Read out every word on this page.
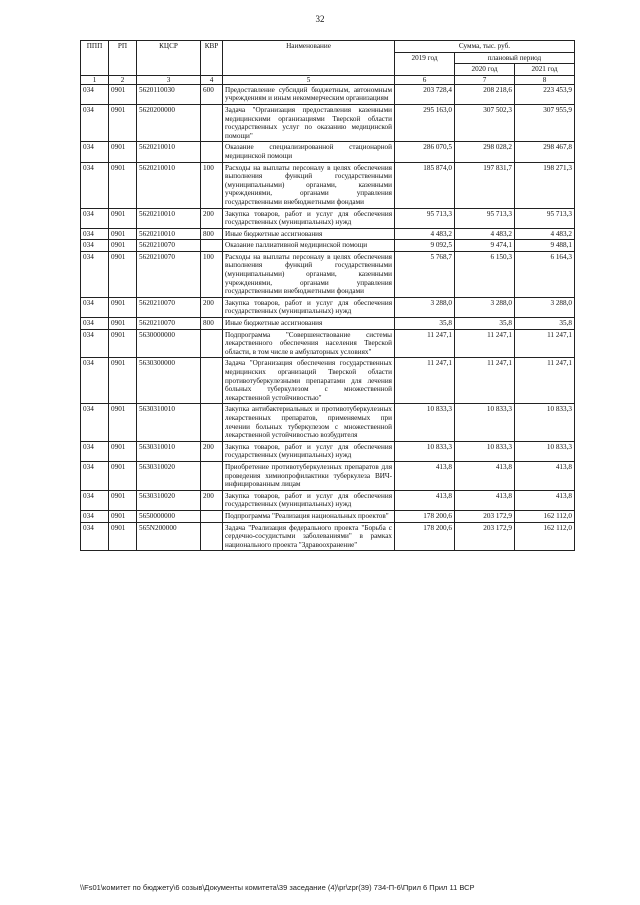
32
ППП	РП	КЦСР	КВР	Наименование	Сумма, тыс. руб.		
					2019 год	плановый период	
						2020 год	2021 год
1	2	3	4	5	6	7	8
034	0901	5620110030	600	Предоставление субсидий бюджетным, автономным учреждениям и иным некоммерческим организациям	203 728,4	208 218,6	223 453,9
034	0901	5620200000		Задача "Организация предоставления казенными медицинскими организациями Тверской области государственных услуг по оказанию медицинской помощи"	295 163,0	307 502,3	307 955,9
034	0901	5620210010		Оказание специализированной стационарной медицинской помощи	286 070,5	298 028,2	298 467,8
034	0901	5620210010	100	Расходы на выплаты персоналу в целях обеспечения выполнения функций государственными (муниципальными) органами, казенными учреждениями, органами управления государственными внебюджетными фондами	185 874,0	197 831,7	198 271,3
034	0901	5620210010	200	Закупка товаров, работ и услуг для обеспечения государственных (муниципальных) нужд	95 713,3	95 713,3	95 713,3
034	0901	5620210010	800	Иные бюджетные ассигнования	4 483,2	4 483,2	4 483,2
034	0901	5620210070		Оказание паллиативной медицинской помощи	9 092,5	9 474,1	9 488,1
034	0901	5620210070	100	Расходы на выплаты персоналу в целях обеспечения выполнения функций государственными (муниципальными) органами, казенными учреждениями, органами управления государственными внебюджетными фондами	5 768,7	6 150,3	6 164,3
034	0901	5620210070	200	Закупка товаров, работ и услуг для обеспечения государственных (муниципальных) нужд	3 288,0	3 288,0	3 288,0
034	0901	5620210070	800	Иные бюджетные ассигнования	35,8	35,8	35,8
034	0901	5630000000		Подпрограмма "Совершенствование системы лекарственного обеспечения населения Тверской области, в том числе в амбулаторных условиях"	11 247,1	11 247,1	11 247,1
034	0901	5630300000		Задача "Организация обеспечения государственных медицинских организаций Тверской области противотуберкулезными препаратами для лечения больных туберкулезом с множественной лекарственной устойчивостью"	11 247,1	11 247,1	11 247,1
034	0901	5630310010		Закупка антибактериальных и противотуберкулезных лекарственных препаратов, применяемых при лечении больных туберкулезом с множественной лекарственной устойчивостью возбудителя	10 833,3	10 833,3	10 833,3
034	0901	5630310010	200	Закупка товаров, работ и услуг для обеспечения государственных (муниципальных) нужд	10 833,3	10 833,3	10 833,3
034	0901	5630310020		Приобретение противотуберкулезных препаратов для проведения химиопрофилактики туберкулеза ВИЧ-инфицированным лицам	413,8	413,8	413,8
034	0901	5630310020	200	Закупка товаров, работ и услуг для обеспечения государственных (муниципальных) нужд	413,8	413,8	413,8
034	0901	5650000000		Подпрограмма "Реализация национальных проектов"	178 200,6	203 172,9	162 112,0
034	0901	565N200000		Задача "Реализация федерального проекта "Борьба с сердечно-сосудистыми заболеваниями" в рамках национального проекта "Здравоохранение"	178 200,6	203 172,9	162 112,0
\\Fs01\комитет по бюджету\6 созыв\Документы комитета\39 заседание (4)\pr\zpr(39) 734-П-6\Прил 6 Прил 11 ВСР
